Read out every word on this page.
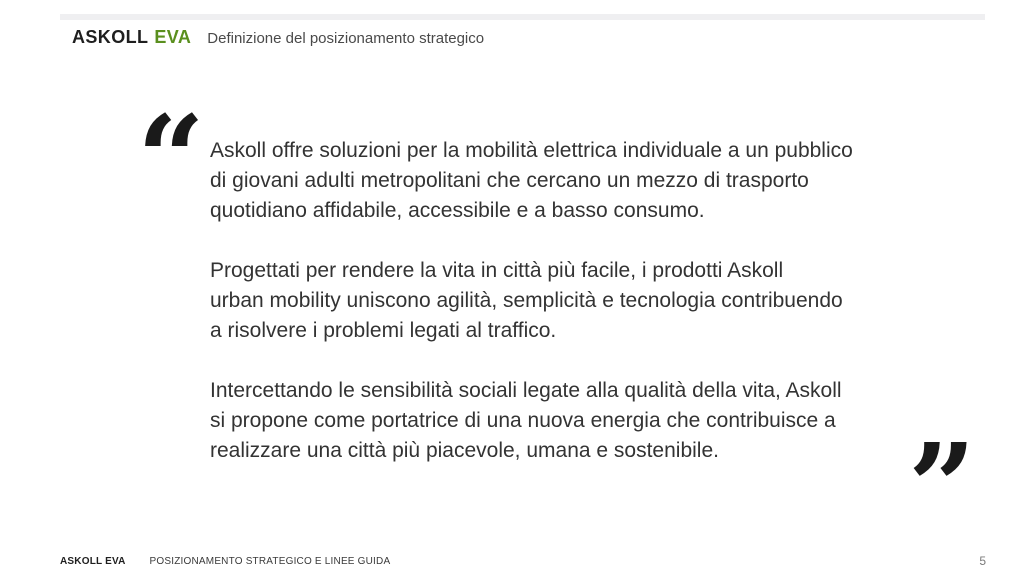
ASKOLL EVA Definizione del posizionamento strategico
“ Askoll offre soluzioni per la mobilità elettrica individuale a un pubblico
di giovani adulti metropolitani che cercano un mezzo di trasporto
quotidiano affidabile, accessibile e a basso consumo.

Progettati per rendere la vita in città più facile, i prodotti Askoll
urban mobility uniscono agilità, semplicità e tecnologia contribuendo
a risolvere i problemi legati al traffico.

Intercettando le sensibilità sociali legate alla qualità della vita, Askoll
si propone come portatrice di una nuova energia che contribuisce a
realizzare una città più piacevole, umana e sostenibile.	”
ASKOLL EVA POSIZIONAMENTO STRATEGICO E LINEE GUIDA	5
